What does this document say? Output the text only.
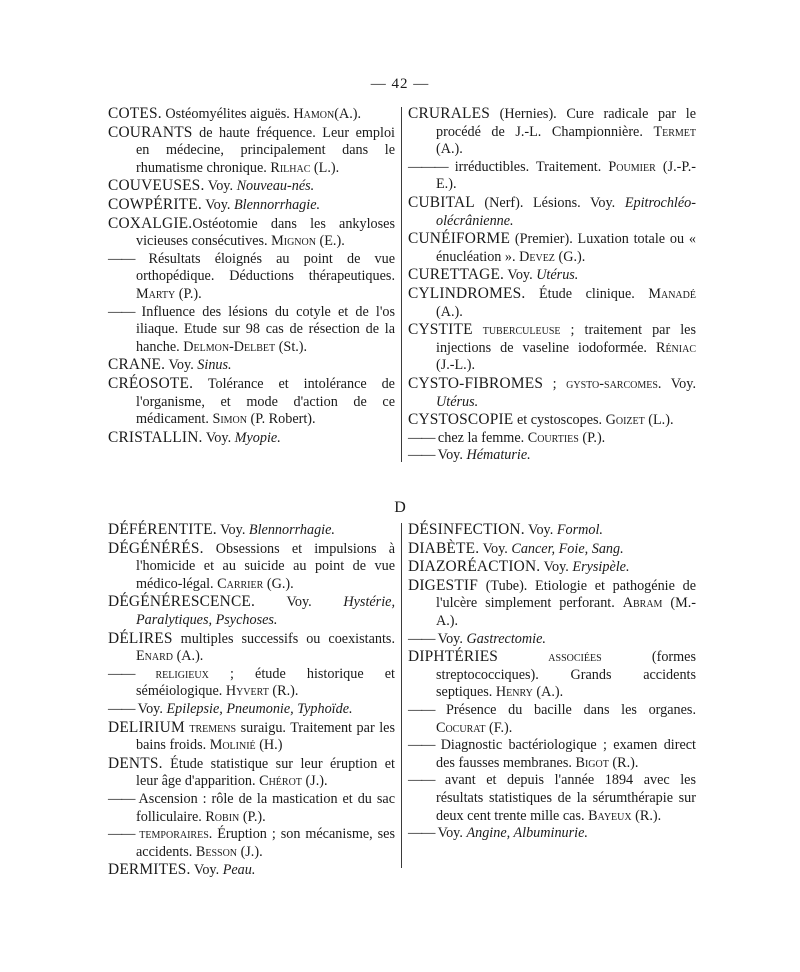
— 42 —

COTES. Ostéomyélites aiguës. Hamon(A.).

COURANTS de haute fréquence. Leur emploi en médecine, principalement dans le rhumatisme chronique. Rilhac (L.).

COUVEUSES. Voy. Nouveau-nés.

COWPÉRITE. Voy. Blennorrhagie.

COXALGIE.Ostéotomie dans les ankyloses vicieuses consécutives. Mignon (E.).

—— Résultats éloignés au point de vue orthopédique. Déductions thérapeutiques. Marty (P.).

—— Influence des lésions du cotyle et de l'os iliaque. Etude sur 98 cas de résection de la hanche. Delmon-Delbet (St.).

CRANE. Voy. Sinus.

CRÉOSOTE. Tolérance et intolérance de l'organisme, et mode d'action de ce médicament. Simon (P. Robert).

CRISTALLIN. Voy. Myopie.

CRURALES (Hernies). Cure radicale par le procédé de J.-L. Championnière. Termet (A.).

——— irréductibles. Traitement. Poumier (J.-P.-E.).

CUBITAL (Nerf). Lésions. Voy. Epitrochléo-olécrânienne.

CUNÉIFORME (Premier). Luxation totale ou « énucléation ». Devez (G.).

CURETTAGE. Voy. Utérus.

CYLINDROMES. Étude clinique. Manadé (A.).

CYSTITE tuberculeuse ; traitement par les injections de vaseline iodoformée. Réniac (J.-L.).

CYSTO-FIBROMES ; gysto-sarcomes. Voy. Utérus.

CYSTOSCOPIE et cystoscopes. Goizet (L.).

—— chez la femme. Courties (P.).

—— Voy. Hématurie.

D

DÉFÉRENTITE. Voy. Blennorrhagie.

DÉGÉNÉRÉS. Obsessions et impulsions à l'homicide et au suicide au point de vue médico-légal. Carrier (G.).

DÉGÉNÉRESCENCE. Voy. Hystérie, Paralytiques, Psychoses.

DÉLIRES multiples successifs ou coexistants. Enard (A.).

—— religieux ; étude historique et séméiologique. Hyvert (R.).

—— Voy. Epilepsie, Pneumonie, Typhoïde.

DELIRIUM tremens suraigu. Traitement par les bains froids. Molinié (H.)

DENTS. Étude statistique sur leur éruption et leur âge d'apparition. Chérot (J.).

—— Ascension : rôle de la mastication et du sac folliculaire. Robin (P.).

—— temporaires. Éruption ; son mécanisme, ses accidents. Besson (J.).

DERMITES. Voy. Peau.

DÉSINFECTION. Voy. Formol.

DIABÈTE. Voy. Cancer, Foie, Sang.

DIAZORÉACTION. Voy. Erysipèle.

DIGESTIF (Tube). Etiologie et pathogénie de l'ulcère simplement perforant. Abram (M.-A.).

—— Voy. Gastrectomie.

DIPHTÉRIES associées (formes streptococciques). Grands accidents septiques. Henry (A.).

—— Présence du bacille dans les organes. Cocurat (F.).

—— Diagnostic bactériologique ; examen direct des fausses membranes. Bigot (R.).

—— avant et depuis l'année 1894 avec les résultats statistiques de la sérumthérapie sur deux cent trente mille cas. Bayeux (R.).

—— Voy. Angine, Albuminurie.
